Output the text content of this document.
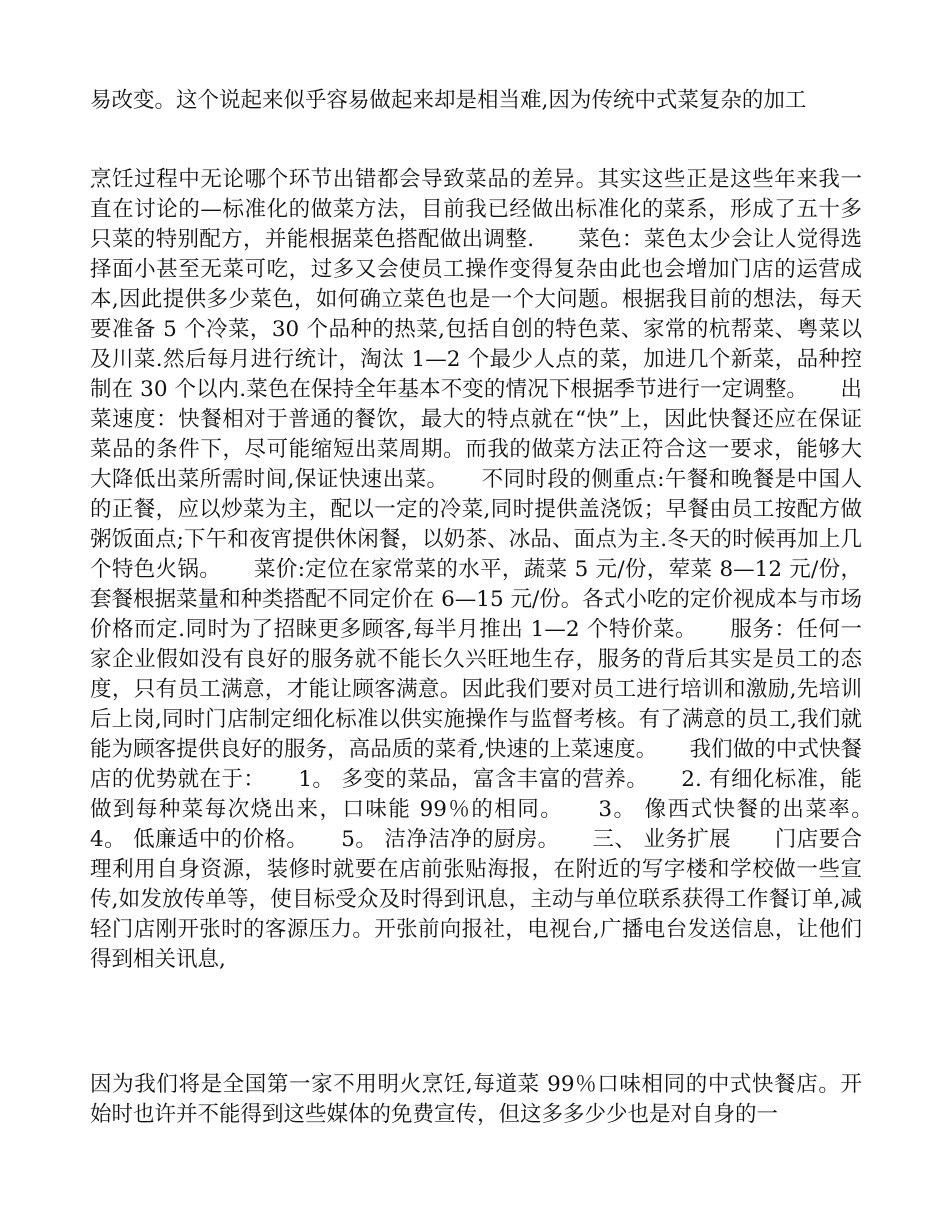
易改变。这个说起来似乎容易做起来却是相当难,因为传统中式菜复杂的加工

烹饪过程中无论哪个环节出错都会导致菜品的差异。其实这些正是这些年来我一直在讨论的—标准化的做菜方法，目前我已经做出标准化的菜系，形成了五十多只菜的特别配方，并能根据菜色搭配做出调整.　　菜色：菜色太少会让人觉得选择面小甚至无菜可吃，过多又会使员工操作变得复杂由此也会增加门店的运营成本,因此提供多少菜色，如何确立菜色也是一个大问题。根据我目前的想法，每天要准备 5 个冷菜，30 个品种的热菜,包括自创的特色菜、家常的杭帮菜、粤菜以及川菜.然后每月进行统计，淘汰 1—2 个最少人点的菜，加进几个新菜，品种控制在 30 个以内.菜色在保持全年基本不变的情况下根据季节进行一定调整。　　出菜速度：快餐相对于普通的餐饮，最大的特点就在“快”上，因此快餐还应在保证菜品的条件下，尽可能缩短出菜周期。而我的做菜方法正符合这一要求，能够大大降低出菜所需时间,保证快速出菜。　　不同时段的侧重点:午餐和晚餐是中国人的正餐，应以炒菜为主，配以一定的冷菜,同时提供盖浇饭；早餐由员工按配方做粥饭面点;下午和夜宵提供休闲餐，以奶茶、冰品、面点为主.冬天的时候再加上几个特色火锅。　　菜价:定位在家常菜的水平，蔬菜 5 元/份，荤菜 8—12 元/份，套餐根据菜量和种类搭配不同定价在 6—15 元/份。各式小吃的定价视成本与市场价格而定.同时为了招睐更多顾客,每半月推出 1—2 个特价菜。　　服务：任何一家企业假如没有良好的服务就不能长久兴旺地生存，服务的背后其实是员工的态度，只有员工满意，才能让顾客满意。因此我们要对员工进行培训和激励,先培训后上岗,同时门店制定细化标准以供实施操作与监督考核。有了满意的员工,我们就能为顾客提供良好的服务，高品质的菜肴,快速的上菜速度。　　我们做的中式快餐店的优势就在于：　　1。 多变的菜品，富含丰富的营养。　　2. 有细化标准，能做到每种菜每次烧出来，口味能 99％的相同。　　3。 像西式快餐的出菜率。　　4。 低廉适中的价格。　　5。 洁净洁净的厨房。　　三、 业务扩展　　门店要合理利用自身资源，装修时就要在店前张贴海报，在附近的写字楼和学校做一些宣传,如发放传单等，使目标受众及时得到讯息，主动与单位联系获得工作餐订单,减轻门店刚开张时的客源压力。开张前向报社，电视台,广播电台发送信息，让他们得到相关讯息,

因为我们将是全国第一家不用明火烹饪,每道菜 99％口味相同的中式快餐店。开始时也许并不能得到这些媒体的免费宣传，但这多多少少也是对自身的一
